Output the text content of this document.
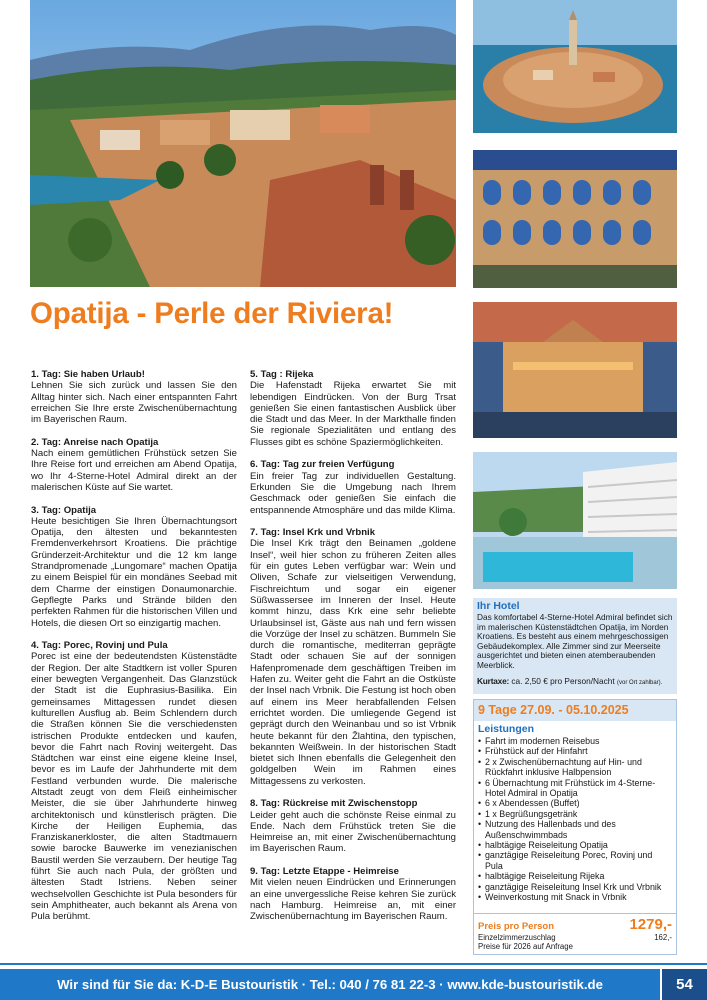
Opatija - Perle der Riviera!
1. Tag: Sie haben Urlaub!

Lehnen Sie sich zurück und lassen Sie den Alltag hinter sich. Nach einer entspannten Fahrt erreichen Sie Ihre erste Zwischenübernachtung im Bayerischen Raum.

2. Tag: Anreise nach Opatija

Nach einem gemütlichen Frühstück setzen Sie Ihre Reise fort und erreichen am Abend Opatija, wo Ihr 4-Sterne-Hotel Admiral direkt an der malerischen Küste auf Sie wartet.

3. Tag: Opatija

Heute besichtigen Sie Ihren Übernachtungsort Opatija, den ältesten und bekanntesten Fremdenverkehrsort Kroatiens. Die prächtige Gründerzeit-Architektur und die 12 km lange Strandpromenade „Lungomare“ machen Opatija zu einem Beispiel für ein mondänes Seebad mit dem Charme der einstigen Donaumonarchie. Gepflegte Parks und Strände bilden den perfekten Rahmen für die historischen Villen und Hotels, die diesen Ort so einzigartig machen.

4. Tag: Porec, Rovinj und Pula

Porec ist eine der bedeutendsten Küstenstädte der Region. Der alte Stadtkern ist voller Spuren einer bewegten Vergangenheit. Das Glanzstück der Stadt ist die Euphrasius-Basilika. Ein gemeinsames Mittagessen rundet diesen kulturellen Ausflug ab. Beim Schlendern durch die Straßen können Sie die verschiedensten istrischen Produkte entdecken und kaufen, bevor die Fahrt nach Rovinj weitergeht. Das Städtchen war einst eine eigene kleine Insel, bevor es im Laufe der Jahrhunderte mit dem Festland verbunden wurde. Die malerische Altstadt zeugt von dem Fleiß einheimischer Meister, die sie über Jahrhunderte hinweg architektonisch und künstlerisch prägten. Die Kirche der Heiligen Euphemia, das Franziskanerkloster, die alten Stadtmauern sowie barocke Bauwerke im venezianischen Baustil werden Sie verzaubern. Der heutige Tag führt Sie auch nach Pula, der größten und ältesten Stadt Istriens. Neben seiner wechselvollen Geschichte ist Pula besonders für sein Amphitheater, auch bekannt als Arena von Pula berühmt.

5. Tag : Rijeka

Die Hafenstadt Rijeka erwartet Sie mit lebendigen Eindrücken. Von der Burg Trsat genießen Sie einen fantastischen Ausblick über die Stadt und das Meer. In der Markthalle finden Sie regionale Spezialitäten und entlang des Flusses gibt es schöne Spaziermöglichkeiten.

6. Tag: Tag zur freien Verfügung

Ein freier Tag zur individuellen Gestaltung. Erkunden Sie die Umgebung nach Ihrem Geschmack oder genießen Sie einfach die entspannende Atmosphäre und das milde Klima.

7. Tag: Insel Krk und Vrbnik

Die Insel Krk trägt den Beinamen „goldene Insel“, weil hier schon zu früheren Zeiten alles für ein gutes Leben verfügbar war: Wein und Oliven, Schafe zur vielseitigen Verwendung, Fischreichtum und sogar ein eigener Süßwassersee im Inneren der Insel. Heute kommt hinzu, dass Krk eine sehr beliebte Urlaubsinsel ist, Gäste aus nah und fern wissen die Vorzüge der Insel zu schätzen. Bummeln Sie durch die romantische, mediterran geprägte Stadt oder schauen Sie auf der sonnigen Hafenpromenade dem geschäftigen Treiben im Hafen zu. Weiter geht die Fahrt an die Ostküste der Insel nach Vrbnik. Die Festung ist hoch oben auf einem ins Meer herabfallenden Felsen errichtet worden. Die umliegende Gegend ist geprägt durch den Weinanbau und so ist Vrbnik heute bekannt für den Žlahtina, den typischen, bekannten Weißwein. In der historischen Stadt bietet sich Ihnen ebenfalls die Gelegenheit den goldgelben Wein im Rahmen eines Mittagessens zu verkosten.

8. Tag: Rückreise mit Zwischenstopp

Leider geht auch die schönste Reise einmal zu Ende. Nach dem Frühstück treten Sie die Heimreise an, mit einer Zwischenübernachtung im Bayerischen Raum.

9. Tag: Letzte Etappe - Heimreise

Mit vielen neuen Eindrücken und Erinnerungen an eine unvergessliche Reise kehren Sie zurück nach Hamburg. Heimreise an, mit einer Zwischenübernachtung im Bayerischen Raum.

Ihr Hotel
Das komfortabel 4-Sterne-Hotel Admiral befindet sich im malerischen Küstenstädtchen Opatija, im Norden Kroatiens. Es besteht aus einem mehrgeschossigen Gebäudekomplex. Alle Zimmer sind zur Meerseite ausgerichtet und bieten einen atemberaubenden Meerblick.
Kurtaxe: ca. 2,50 € pro Person/Nacht (vor Ort zahlbar).
9 Tage 27.09. - 05.10.2025
Leistungen
• Fahrt im modernen Reisebus
• Frühstück auf der Hinfahrt
• 2 x Zwischenübernachtung auf Hin- und Rückfahrt inklusive Halbpension
• 6 Übernachtung mit Frühstück im 4-Sterne-Hotel Admiral in Opatija
• 6 x Abendessen (Buffet)
• 1 x Begrüßungsgetränk
• Nutzung des Hallenbads und des Außenschwimmbads
• halbtägige Reiseleitung Opatija
• ganztägige Reiseleitung Porec, Rovinj und Pula
• halbtägige Reiseleitung Rijeka
• ganztägige Reiseleitung Insel Krk und Vrbnik
• Weinverkostung mit Snack in Vrbnik
Preis pro Person	1279,-
Einzelzimmerzuschlag	162,-
Preise für 2026 auf Anfrage
Wir sind für Sie da: K-D-E Bustouristik · Tel.: 040 / 76 81 22-3 · www.kde-bustouristik.de	54
